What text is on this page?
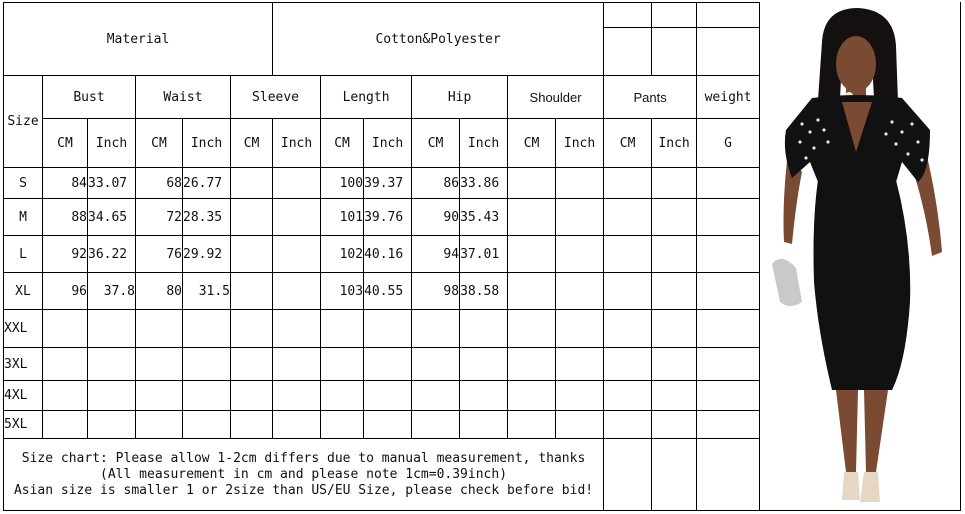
Material						Cotton&Polyester									

Size	Bust		Waist		Sleeve		Length		Hip		Shoulder		Pants		weight
	CM	Inch	CM	Inch	CM	Inch	CM	Inch	CM	Inch	CM	Inch	CM	Inch	G
S	84	33.07	68	26.77			100	39.37	86	33.86					
M	88	34.65	72	28.35			101	39.76	90	35.43					
L	92	36.22	76	29.92			102	40.16	94	37.01					
XL	96	37.8	80	31.5			103	40.55	98	38.58					
XXL															
3XL															
4XL															
5XL															

Size chart: Please allow 1-2cm differs due to manual measurement, thanks
(All measurement in cm and please note 1cm=0.39inch)
Asian size is smaller 1 or 2size than US/EU Size, please check before bid!															
